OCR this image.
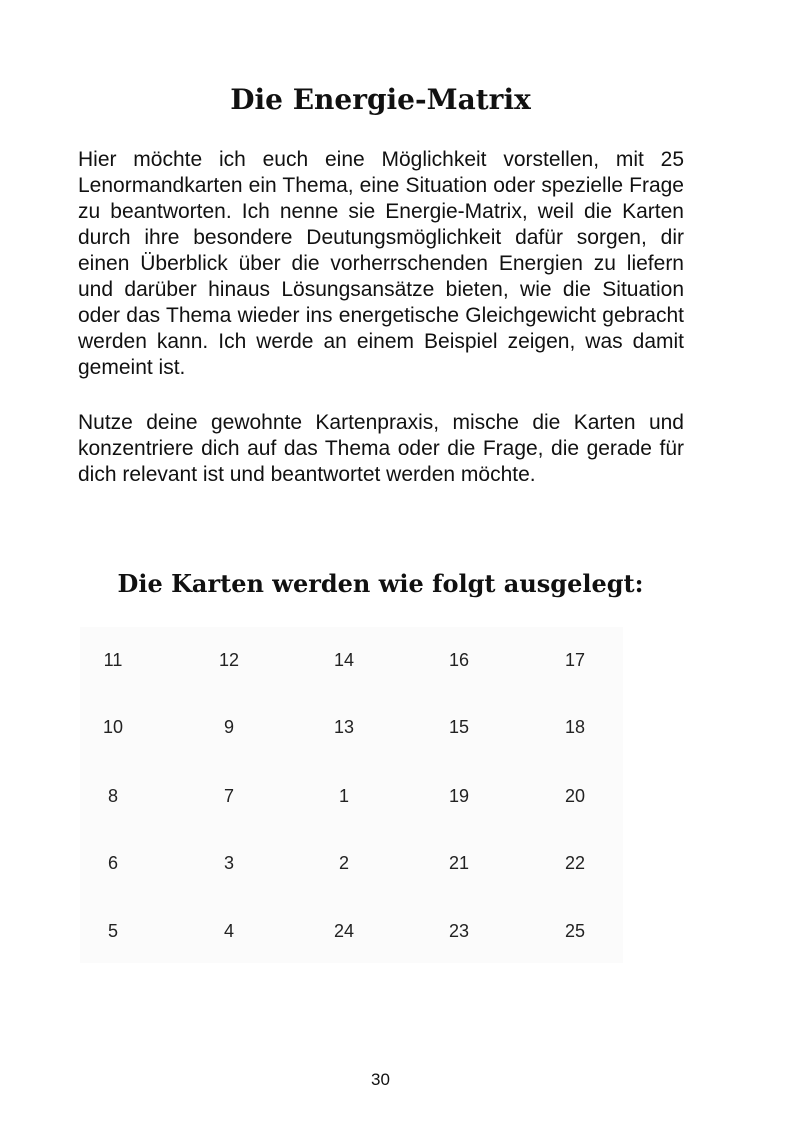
Die Energie-Matrix

Hier möchte ich euch eine Möglichkeit vorstellen, mit 25 Lenormandkarten ein Thema, eine Situation oder spezielle Frage zu beantworten. Ich nenne sie Energie-Matrix, weil die Karten durch ihre besondere Deutungsmöglichkeit dafür sorgen, dir einen Überblick über die vorherrschenden Energien zu liefern und darüber hinaus Lösungsansätze bieten, wie die Situation oder das Thema wieder ins energetische Gleichgewicht gebracht werden kann. Ich werde an einem Beispiel zeigen, was damit gemeint ist.

Nutze deine gewohnte Kartenpraxis, mische die Karten und konzentriere dich auf das Thema oder die Frage, die gerade für dich relevant ist und beantwortet werden möchte.

Die Karten werden wie folgt ausgelegt:
11	12	14	16	17
10	9	13	15	18
8	7	1	19	20
6	3	2	21	22
5	4	24	23	25
30
